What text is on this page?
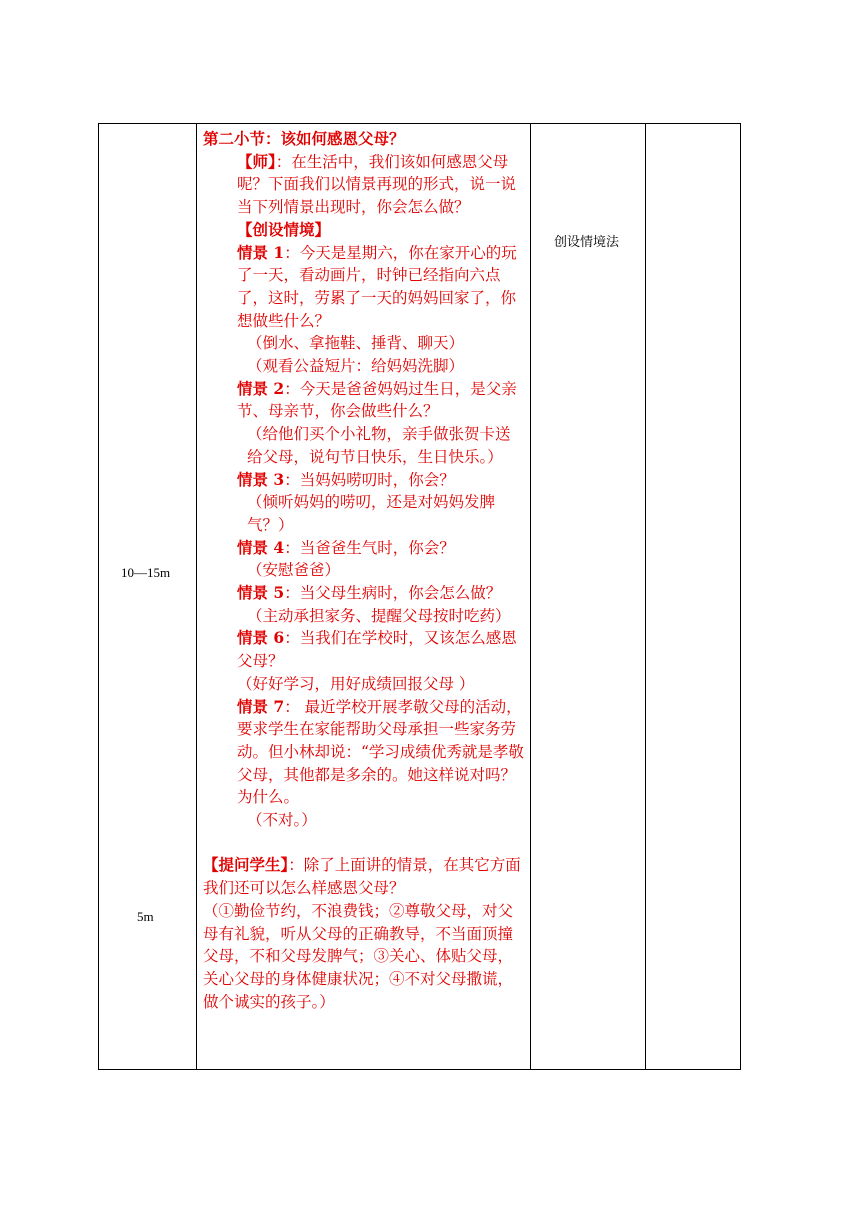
10—15m
5m
创设情境法

第二小节：该如何感恩父母？

【师】：在生活中，我们该如何感恩父母呢？下面我们以情景再现的形式，说一说当下列情景出现时，你会怎么做？

【创设情境】

情景 1：今天是星期六，你在家开心的玩了一天，看动画片，时钟已经指向六点了，这时，劳累了一天的妈妈回家了，你想做些什么？

（倒水、拿拖鞋、捶背、聊天）

（观看公益短片：给妈妈洗脚）

情景 2：今天是爸爸妈妈过生日，是父亲节、母亲节，你会做些什么？

（给他们买个小礼物，亲手做张贺卡送给父母，说句节日快乐，生日快乐。）

情景 3：当妈妈唠叨时，你会？

（倾听妈妈的唠叨，还是对妈妈发脾气？）

情景 4：当爸爸生气时，你会？

（安慰爸爸）

情景 5：当父母生病时，你会怎么做？

（主动承担家务、提醒父母按时吃药）

情景 6：当我们在学校时，又该怎么感恩父母？

（好好学习，用好成绩回报父母 ）

情景 7： 最近学校开展孝敬父母的活动，要求学生在家能帮助父母承担一些家务劳动。但小林却说：“学习成绩优秀就是孝敬父母，其他都是多余的。她这样说对吗？为什么。

（不对。）

【提问学生】：除了上面讲的情景，在其它方面我们还可以怎么样感恩父母？

（①勤俭节约，不浪费钱；②尊敬父母，对父母有礼貌，听从父母的正确教导，不当面顶撞父母，不和父母发脾气；③关心、体贴父母，关心父母的身体健康状况；④不对父母撒谎，做个诚实的孩子。）
